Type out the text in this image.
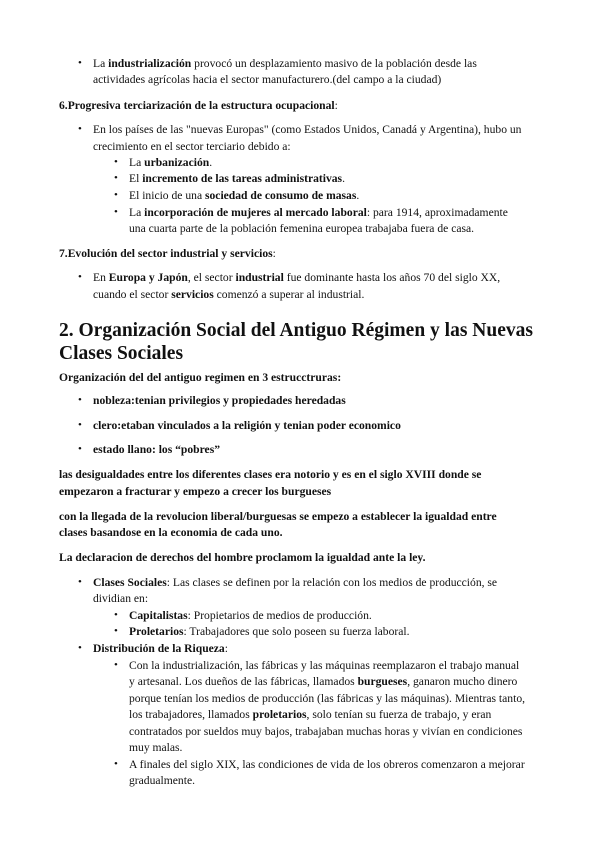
• La industrialización provocó un desplazamiento masivo de la población desde las
actividades agrícolas hacia el sector manufacturero.(del campo a la ciudad)
6.Progresiva terciarización de la estructura ocupacional:
• En los países de las "nuevas Europas" (como Estados Unidos, Canadá y Argentina), hubo un
crecimiento en el sector terciario debido a:
• La urbanización.
• El incremento de las tareas administrativas.
• El inicio de una sociedad de consumo de masas.
• La incorporación de mujeres al mercado laboral: para 1914, aproximadamente
una cuarta parte de la población femenina europea trabajaba fuera de casa.
7.Evolución del sector industrial y servicios:
• En Europa y Japón, el sector industrial fue dominante hasta los años 70 del siglo XX,
cuando el sector servicios comenzó a superar al industrial.
2. Organización Social del Antiguo Régimen y las Nuevas
Clases Sociales
Organización del del antiguo regimen en 3 estrucctruras:
• nobleza:tenian privilegios y propiedades heredadas
• clero:etaban vinculados a la religión y tenian poder economico
• estado llano: los “pobres”
las desigualdades entre los diferentes clases era notorio y es en el siglo XVIII donde se
empezaron a fracturar y empezo a crecer los burgueses
con la llegada de la revolucion liberal/burguesas se empezo a establecer la igualdad entre
clases basandose en la economia de cada uno.
La declaracion de derechos del hombre proclamom la igualdad ante la ley.
• Clases Sociales: Las clases se definen por la relación con los medios de producción, se
dividian en:
• Capitalistas: Propietarios de medios de producción.
• Proletarios: Trabajadores que solo poseen su fuerza laboral.
• Distribución de la Riqueza:
• Con la industrialización, las fábricas y las máquinas reemplazaron el trabajo manual
y artesanal. Los dueños de las fábricas, llamados burgueses, ganaron mucho dinero
porque tenían los medios de producción (las fábricas y las máquinas). Mientras tanto,
los trabajadores, llamados proletarios, solo tenían su fuerza de trabajo, y eran
contratados por sueldos muy bajos, trabajaban muchas horas y vivían en condiciones
muy malas.
• A finales del siglo XIX, las condiciones de vida de los obreros comenzaron a mejorar
gradualmente.
